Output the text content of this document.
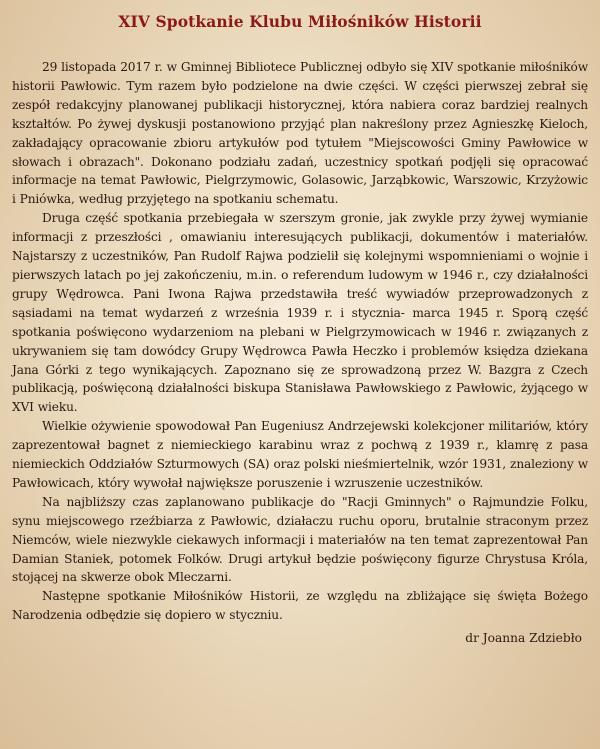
XIV Spotkanie Klubu Miłośników Historii

29 listopada 2017 r. w Gminnej Bibliotece Publicznej odbyło się XIV spotkanie miłośników historii Pawłowic. Tym razem było podzielone na dwie części. W części pierwszej zebrał się zespół redakcyjny planowanej publikacji historycznej, która nabiera coraz bardziej realnych kształtów. Po żywej dyskusji postanowiono przyjąć plan nakreślony przez Agnieszkę Kieloch, zakładający opracowanie zbioru artykułów pod tytułem "Miejscowości Gminy Pawłowice w słowach i obrazach". Dokonano podziału zadań, uczestnicy spotkań podjęli się opracować informacje na temat Pawłowic, Pielgrzymowic, Golasowic, Jarząbkowic, Warszowic, Krzyżowic i Pniówka, według przyjętego na spotkaniu schematu.

Druga część spotkania przebiegała w szerszym gronie, jak zwykle przy żywej wymianie informacji z przeszłości , omawianiu interesujących publikacji, dokumentów i materiałów. Najstarszy z uczestników, Pan Rudolf Rajwa podzielił się kolejnymi wspomnieniami o wojnie i pierwszych latach po jej zakończeniu, m.in. o referendum ludowym w 1946 r., czy działalności grupy Wędrowca. Pani Iwona Rajwa przedstawiła treść wywiadów przeprowadzonych z sąsiadami na temat wydarzeń z września 1939 r. i stycznia- marca 1945 r. Sporą część spotkania poświęcono wydarzeniom na plebani w Pielgrzymowicach w 1946 r. związanych z ukrywaniem się tam dowódcy Grupy Wędrowca Pawła Heczko i problemów księdza dziekana Jana Górki z tego wynikających. Zapoznano się ze sprowadzoną przez W. Bazgra z Czech publikacją, poświęconą działalności biskupa Stanisława Pawłowskiego z Pawłowic, żyjącego w XVI wieku.

Wielkie ożywienie spowodował Pan Eugeniusz Andrzejewski kolekcjoner militariów, który zaprezentował bagnet z niemieckiego karabinu wraz z pochwą z 1939 r., klamrę z pasa niemieckich Oddziałów Szturmowych (SA) oraz polski nieśmiertelnik, wzór 1931, znaleziony w Pawłowicach, który wywołał największe poruszenie i wzruszenie uczestników.

Na najbliższy czas zaplanowano publikacje do "Racji Gminnych" o Rajmundzie Folku, synu miejscowego rzeźbiarza z Pawłowic, działaczu ruchu oporu, brutalnie straconym przez Niemców, wiele niezwykle ciekawych informacji i materiałów na ten temat zaprezentował Pan Damian Staniek, potomek Folków. Drugi artykuł będzie poświęcony figurze Chrystusa Króla, stojącej na skwerze obok Mleczarni.

Następne spotkanie Miłośników Historii, ze względu na zbliżające się święta Bożego Narodzenia odbędzie się dopiero w styczniu.

dr Joanna Zdziebło
